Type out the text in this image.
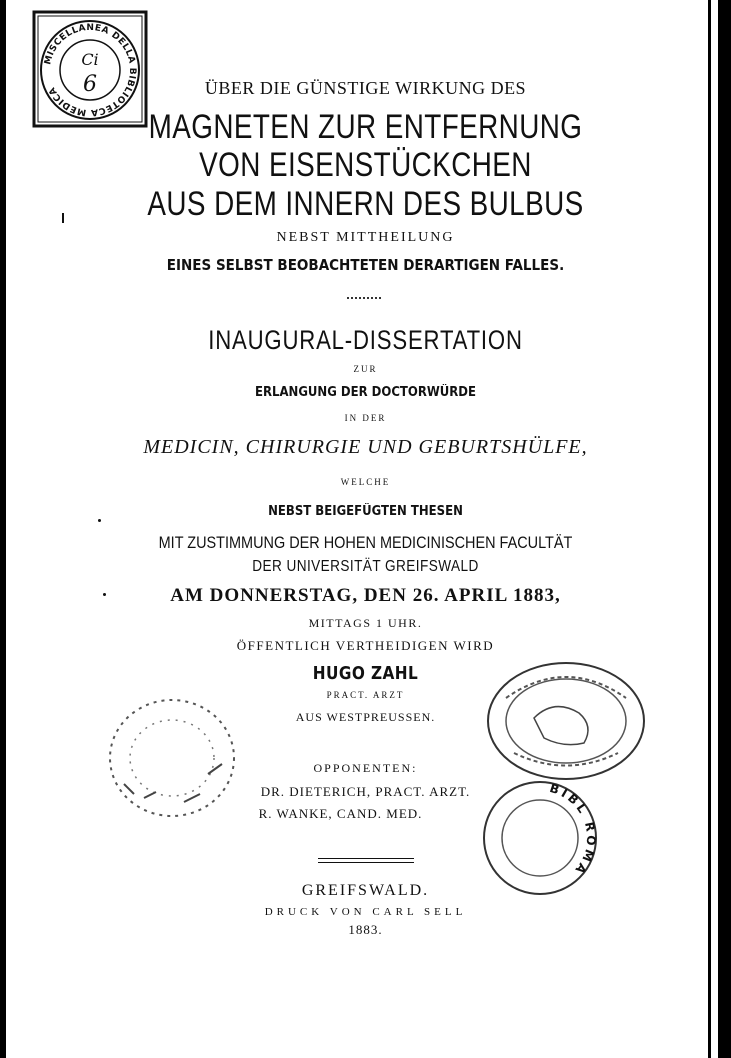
MISCELLANEA DELLA BIBLIOTECA MEDICA
Ci
6	ÜBER DIE GÜNSTIGE WIRKUNG DES
MAGNETEN ZUR ENTFERNUNG
VON EISENSTÜCKCHEN
AUS DEM INNERN DES BULBUS
NEBST MITTHEILUNG
EINES SELBST BEOBACHTETEN DERARTIGEN FALLES.
INAUGURAL-DISSERTATION
ZUR
ERLANGUNG DER DOCTORWÜRDE
IN DER
MEDICIN, CHIRURGIE UND GEBURTSHÜLFE,
WELCHE
NEBST BEIGEFÜGTEN THESEN
MIT ZUSTIMMUNG DER HOHEN MEDICINISCHEN FACULTÄT
DER UNIVERSITÄT GREIFSWALD
AM DONNERSTAG, DEN 26. APRIL 1883,
MITTAGS 1 UHR.
ÖFFENTLICH VERTHEIDIGEN WIRD
HUGO ZAHL
PRACT. ARZT
AUS WESTPREUSSEN.
OPPONENTEN:
DR. DIETERICH, PRACT. ARZT.
R. WANKE, CAND. MED.
GREIFSWALD.
DRUCK VON CARL SELL
1883.
BIBL ROMA
